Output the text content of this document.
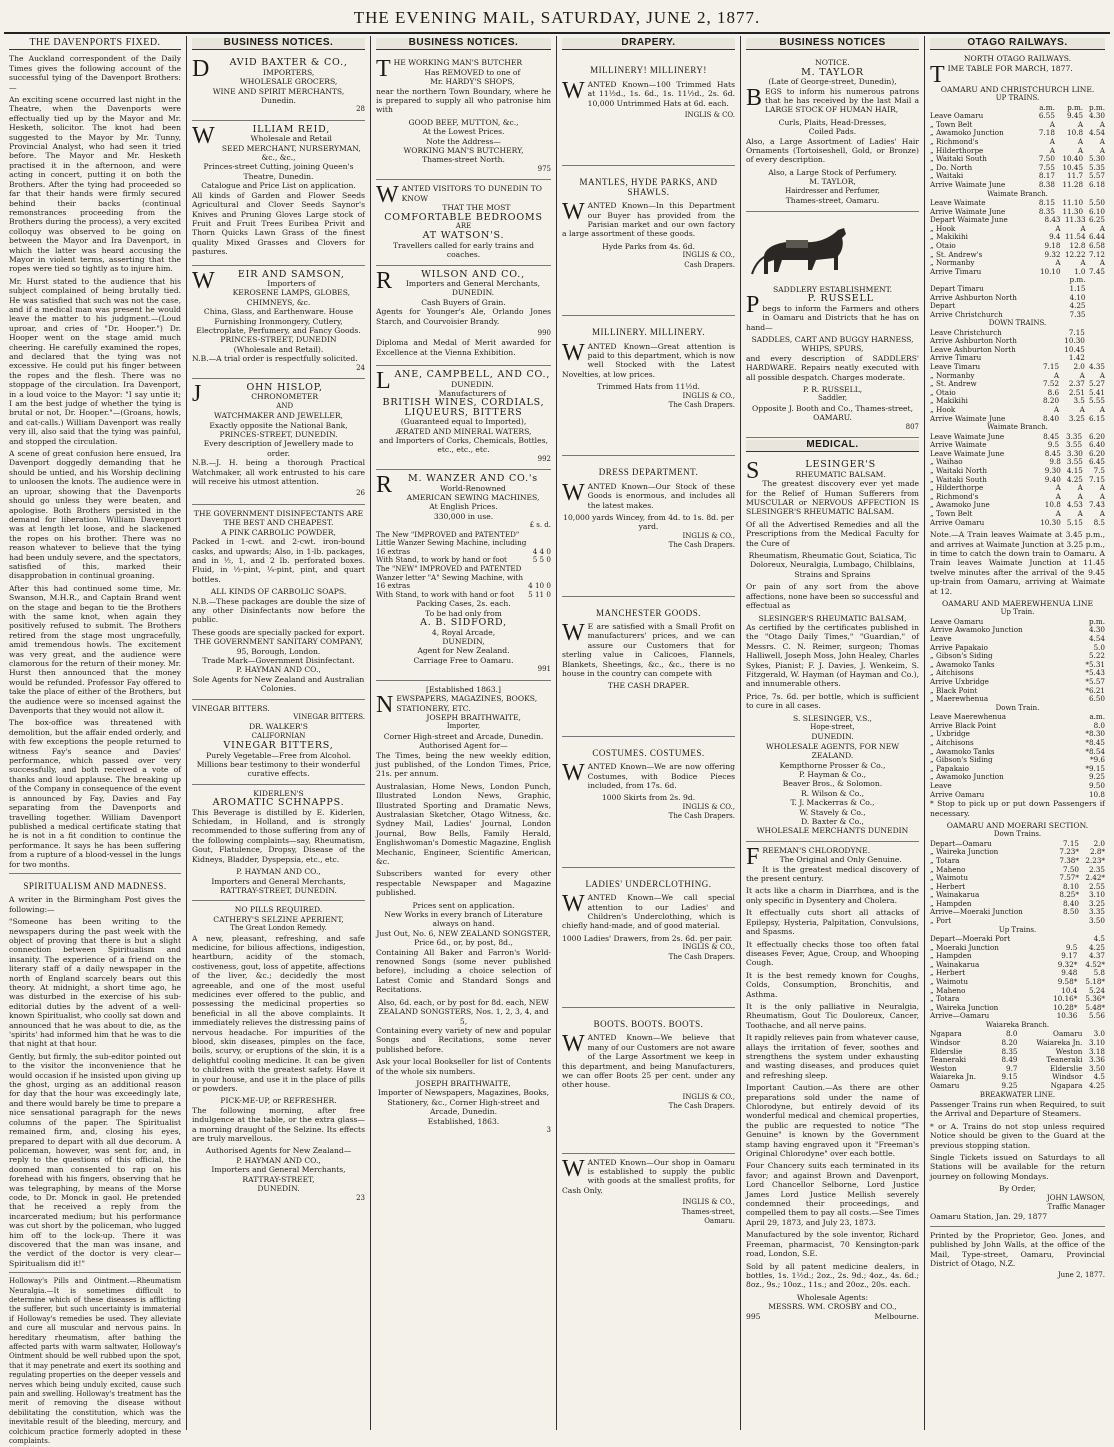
THE EVENING MAIL, SATURDAY, JUNE 2, 1877.
THE DAVENPORTS FIXED.

The Auckland correspondent of the Daily Times gives the following account of the successful tying of the Davenport Brothers:—

An exciting scene occurred last night in the Theatre, when the Davenports were effectually tied up by the Mayor and Mr. Hesketh, solicitor. The knot had been suggested to the Mayor by Mr. Tunny, Provincial Analyst, who had seen it tried before. The Mayor and Mr. Hesketh practised it in the afternoon, and were acting in concert, putting it on both the Brothers. After the tying had proceeded so far that their hands were firmly secured behind their backs (continual remonstrances proceeding from the Brothers during the process), a very excited colloquy was observed to be going on between the Mayor and Ira Davenport, in which the latter was heard accusing the Mayor in violent terms, asserting that the ropes were tied so tightly as to injure him.

Mr. Hurst stated to the audience that his subject complained of being brutally tied. He was satisfied that such was not the case, and if a medical man was present he would leave the matter to his judgment.—(Loud uproar, and cries of "Dr. Hooper.") Dr. Hooper went on the stage amid much cheering. He carefully examined the ropes, and declared that the tying was not excessive. He could put his finger between the ropes and the flesh. There was no stoppage of the circulation. Ira Davenport, in a loud voice to the Mayor: "I say untie it; I am the best judge of whether the tying is brutal or not, Dr. Hooper."—(Groans, howls, and cat-calls.) William Davenport was really very ill, also said that the tying was painful, and stopped the circulation.

A scene of great confusion here ensued, Ira Davenport doggedly demanding that he should be untied, and his Worship declining to unloosen the knots. The audience were in an uproar, showing that the Davenports should go unless they were beaten, and apologise. Both Brothers persisted in the demand for liberation. William Davenport was at length let loose, and he slackened the ropes on his brother. There was no reason whatever to believe that the tying had been unduly severe, and the spectators, satisfied of this, marked their disapprobation in continual groaning.

After this had continued some time, Mr. Swanson, M.H.R., and Captain Brand went on the stage and began to tie the Brothers with the same knot, when again they positively refused to submit. The Brothers retired from the stage most ungracefully, amid tremendous howls. The excitement was very great, and the audience were clamorous for the return of their money. Mr. Hurst then announced that the money would be refunded. Professor Fay offered to take the place of either of the Brothers, but the audience were so incensed against the Davenports that they would not allow it.

The box-office was threatened with demolition, but the affair ended orderly, and with few exceptions the people returned to witness Fay's seance and Davies' performance, which passed over very successfully, and both received a vote of thanks and loud applause. The breaking up of the Company in consequence of the event is announced by Fay, Davies and Fay separating from the Davenports and travelling together. William Davenport published a medical certificate stating that he is not in a fit condition to continue the performance. It says he has been suffering from a rupture of a blood-vessel in the lungs for two months.

SPIRITUALISM AND MADNESS.

A writer in the Birmingham Post gives the following:—

"Someone has been writing to the newspapers during the past week with the object of proving that there is but a slight connection between Spiritualism and insanity. The experience of a friend on the literary staff of a daily newspaper in the north of England scarcely bears out this theory. At midnight, a short time ago, he was disturbed in the exercise of his sub-editorial duties by the advent of a well-known Spiritualist, who coolly sat down and announced that he was about to die, as the 'spirits' had informed him that he was to die that night at that hour.

Gently, but firmly, the sub-editor pointed out to the visitor the inconvenience that he would occasion if he insisted upon giving up the ghost, urging as an additional reason for day that the hour was exceedingly late, and there would barely be time to prepare a nice sensational paragraph for the news columns of the paper. The Spiritualist remained firm, and, closing his eyes, prepared to depart with all due decorum. A policeman, however, was sent for, and, in reply to the questions of this official, the doomed man consented to rap on his forehead with his fingers, observing that he was telegraphing, by means of the Morse code, to Dr. Monck in gaol. He pretended that he received a reply from the incarcerated medium; but his performance was cut short by the policeman, who lugged him off to the lock-up. There it was discovered that the man was insane, and the verdict of the doctor is very clear—Spiritualism did it!"

Holloway's Pills and Ointment.—Rheumatism Neuralgia.—It is sometimes difficult to determine which of these diseases is afflicting the sufferer, but such uncertainty is immaterial if Holloway's remedies be used. They alleviate and cure all muscular and nervous pains. In hereditary rheumatism, after bathing the affected parts with warm saltwater, Holloway's Ointment should be well rubbed upon the spot, that it may penetrate and exert its soothing and regulating properties on the deeper vessels and nerves which being unduly excited, cause such pain and swelling. Holloway's treatment has the merit of removing the disease without debilitating the constitution, which was the inevitable result of the bleeding, mercury, and colchicum practice formerly adopted in these complaints.

BUSINESS NOTICES.
D	AVID BAXTER & CO.,
IMPORTERS,
WHOLESALE GROCERS,
WINE AND SPIRIT MERCHANTS,
Dunedin.
28
W	ILLIAM REID,
Wholesale and Retail
SEED MERCHANT, NURSERYMAN,
&c., &c.,
Princes-street Cutting, joining Queen's Theatre, Dunedin.
Catalogue and Price List on application.

All kinds of Garden and Flower Seeds Agricultural and Clover Seeds Saynor's Knives and Pruning Gloves Large stock of Fruit and Fruit Trees Euribea Privit and Thorn Quicks Lawn Grass of the finest quality Mixed Grasses and Clovers for pastures.

W	EIR AND SAMSON,
Importers of
KEROSENE LAMPS, GLOBES, CHIMNEYS, &c.
China, Glass, and Earthenware. House Furnishing Ironmongery, Cutlery, Electroplate, Perfumery, and Fancy Goods.
PRINCES-STREET, DUNEDIN
(Wholesale and Retail).
N.B.—A trial order is respectfully solicited.
24
J	OHN HISLOP,
CHRONOMETER
AND
WATCHMAKER AND JEWELLER,
Exactly opposite the National Bank,
PRINCES-STREET, DUNEDIN.
Every description of Jewellery made to order.

N.B.—J. H. being a thorough Practical Watchmaker, all work entrusted to his care will receive his utmost attention.

26
THE GOVERNMENT DISINFECTANTS ARE THE BEST AND CHEAPEST.
A PINK CARBOLIC POWDER,

Packed in 1-cwt. and 2-cwt. iron-bound casks, and upwards; Also, in 1-lb. packages, and in ½, 1, and 2 lb. perforated boxes. Fluid, in ½-pint, ¼-pint, pint, and quart bottles.

ALL KINDS OF CARBOLIC SOAPS.

N.B.—These packages are double the size of any other Disinfectants now before the public.

These goods are specially packed for export.
THE GOVERNMENT SANITARY COMPANY,
95, Borough, London.
Trade Mark—Government Disinfectant.
P. HAYMAN AND CO.,
Sole Agents for New Zealand and Australian Colonies.
VINEGAR BITTERS.
VINEGAR BITTERS.
DR. WALKER'S
CALIFORNIAN
VINEGAR BITTERS,
Purely Vegetable—Free from Alcohol.
Millions bear testimony to their wonderful curative effects.
KIDERLEN'S
AROMATIC SCHNAPPS.

This Beverage is distilled by E. Kiderlen, Schiedam, in Holland, and is strongly recommended to those suffering from any of the following complaints—say, Rheumatism, Gout, Flatulence, Dropsy, Disease of the Kidneys, Bladder, Dyspepsia, etc., etc.

P. HAYMAN AND CO.,
Importers and General Merchants, RATTRAY-STREET, DUNEDIN.
NO PILLS REQUIRED.
CATHERY'S SELZINE APERIENT,
The Great London Remedy.

A new, pleasant, refreshing, and safe medicine, for bilious affections, indigestion, heartburn, acidity of the stomach, costiveness, gout, loss of appetite, affections of the liver, &c.; decidedly the most agreeable, and one of the most useful medicines ever offered to the public, and possessing the medicinal properties so beneficial in all the above complaints. It immediately relieves the distressing pains of nervous headache. For impurities of the blood, skin diseases, pimples on the face, boils, scurvy, or eruptions of the skin, it is a delightful cooling medicine. It can be given to children with the greatest safety. Have it in your house, and use it in the place of pills or powders.

PICK-ME-UP, or REFRESHER.

The following morning, after free indulgence at the table, or the extra glass—a morning draught of the Selzine. Its effects are truly marvellous.

Authorised Agents for New Zealand—
P. HAYMAN AND CO.,
Importers and General Merchants,
RATTRAY-STREET,
DUNEDIN.
23
BUSINESS NOTICES.
T HE WORKING MAN'S BUTCHER
Has REMOVED to one of
Mr. HARDY'S SHOPS,

near the northern Town Boundary, where he is prepared to supply all who patronise him with

GOOD BEEF, MUTTON, &c.,
At the Lowest Prices.
Note the Address—
WORKING MAN'S BUTCHERY,
Thames-street North.
975
W ANTED VISITORS TO DUNEDIN TO KNOW
THAT THE MOST
COMFORTABLE BEDROOMS
ARE
AT WATSON'S.
Travellers called for early trains and coaches.
R	WILSON AND CO.,
Importers and General Merchants,
DUNEDIN.
Cash Buyers of Grain.

Agents for Younger's Ale, Orlando Jones Starch, and Courvoisier Brandy.

990

Diploma and Medal of Merit awarded for Excellence at the Vienna Exhibition.

L ANE, CAMPBELL, AND CO.,
DUNEDIN.
Manufacturers of
BRITISH WINES, CORDIALS, LIQUEURS, BITTERS
(Guaranteed equal to Imported),
ÆRATED AND MINERAL WATERS,
and Importers of Corks, Chemicals, Bottles, etc., etc., etc.
992
R	M. WANZER AND CO.'s
World-Renowned
AMERICAN SEWING MACHINES,
At English Prices.
330,000 in use.
£ s. d.
The New "IMPROVED and PATENTED" Little Wanzer Sewing Machine, including 16 extras	4 4 0
With Stand, to work by hand or foot	5 5 0
The "NEW" IMPROVED and PATENTED Wanzer letter "A" Sewing Machine, with 16 extras	4 10 0
With Stand, to work with hand or foot	5 11 0
Packing Cases, 2s. each.
To be had only from
A. B. SIDFORD,
4, Royal Arcade,
DUNEDIN,
Agent for New Zealand.
Carriage Free to Oamaru.
991
[Established 1863.]
N EWSPAPERS, MAGAZINES, BOOKS, STATIONERY, ETC.
JOSEPH BRAITHWAITE,
Importer,
Corner High-street and Arcade, Dunedin.
Authorised Agent for—

The Times, being the new weekly edition, just published, of the London Times, Price, 21s. per annum.

Australasian, Home News, London Punch, Illustrated London News, Graphic, Illustrated Sporting and Dramatic News, Australasian Sketcher, Otago Witness, &c. Sydney Mail, Ladies' Journal, London Journal, Bow Bells, Family Herald, Englishwoman's Domestic Magazine, English Mechanic, Engineer, Scientific American, &c.

Subscribers wanted for every other respectable Newspaper and Magazine published.

Prices sent on application.
New Works in every branch of Literature always on hand.
Just Out, No. 6, NEW ZEALAND SONGSTER, Price 6d., or, by post, 8d.,

Containing All Baker and Farron's World-renowned Songs (some never published before), including a choice selection of Latest Comic and Standard Songs and Recitations.

Also, 6d. each, or by post for 8d. each, NEW ZEALAND SONGSTERS, Nos. 1, 2, 3, 4, and 5,

Containing every variety of new and popular Songs and Recitations, some never published before.

Ask your local Bookseller for list of Contents of the whole six numbers.

JOSEPH BRAITHWAITE,
Importer of Newspapers, Magazines, Books, Stationery, &c., Corner High-street and Arcade, Dunedin.
Established, 1863.
3
DRAPERY.
MILLINERY! MILLINERY!
W ANTED Known—100 Trimmed Hats at 11½d., 1s. 6d., 1s. 11½d., 2s. 6d. 10,000 Untrimmed Hats at 6d. each.

INGLIS & CO.
MANTLES, HYDE PARKS, AND SHAWLS.
W ANTED Known—In this Department our Buyer has provided from the Parisian market and our own factory a large assortment of these goods.

Hyde Parks from 4s. 6d.
INGLIS & CO.,
Cash Drapers.
MILLINERY. MILLINERY.
W ANTED Known—Great attention is paid to this department, which is now well Stocked with the Latest Novelties, at low prices.

Trimmed Hats from 11½d.
INGLIS & CO.,
The Cash Drapers.
DRESS DEPARTMENT.
W ANTED Known—Our Stock of these Goods is enormous, and includes all the latest makes.

10,000 yards Wincey, from 4d. to 1s. 8d. per yard.
INGLIS & CO.,
The Cash Drapers.
MANCHESTER GOODS.
W E are satisfied with a Small Profit on manufacturers' prices, and we can assure our Customers that for sterling value in Calicoes, Flannels, Blankets, Sheetings, &c., &c., there is no house in the country can compete with

THE CASH DRAPER.
COSTUMES. COSTUMES.
W ANTED Known—We are now offering Costumes, with Bodice Pieces included, from 17s. 6d.

1000 Skirts from 2s. 9d.
INGLIS & CO.,
The Cash Drapers.
LADIES' UNDERCLOTHING.
W ANTED Known—We call special attention to our Ladies' and Children's Underclothing, which is chiefly hand-made, and of good material.

1000 Ladies' Drawers, from 2s. 6d. per pair.
INGLIS & CO.,
The Cash Drapers.
BOOTS. BOOTS. BOOTS.
W ANTED Known—We believe that many of our Customers are not aware of the Large Assortment we keep in this department, and being Manufacturers, we can offer Boots 25 per cent. under any other house.

INGLIS & CO.,
The Cash Drapers.
W ANTED Known—Our shop in Oamaru is established to supply the public with goods at the smallest profits, for Cash Only.

INGLIS & CO.,
Thames-street,
Oamaru.
BUSINESS NOTICES
NOTICE.
M. TAYLOR
(Late of George-street, Dunedin),
B EGS to inform his numerous patrons that he has received by the last Mail a LARGE STOCK OF HUMAN HAIR,

Curls, Plaits, Head-Dresses,
Coiled Pads.

Also, a Large Assortment of Ladies' Hair Ornaments (Tortoiseshell, Gold, or Bronze) of every description.

Also, a Large Stock of Perfumery.
M. TAYLOR,
Hairdresser and Perfumer,
Thames-street, Oamaru.
SADDLERY ESTABLISHMENT.
P	P. RUSSELL

begs to inform the Farmers and others in Oamaru and Districts that he has on hand—

SADDLES, CART AND BUGGY HARNESS, WHIPS, SPURS,

and every description of SADDLERS' HARDWARE. Repairs neatly executed with all possible despatch. Charges moderate.

P. R. RUSSELL,
Saddler,
Opposite J. Booth and Co., Thames-street, OAMARU.
807
MEDICAL.
S	LESINGER'S
RHEUMATIC BALSAM.

The greatest discovery ever yet made for the Relief of Human Sufferers from MUSCULAR or NERVOUS AFFECTION IS SLESINGER'S RHEUMATIC BALSAM.

Of all the Advertised Remedies and all the Prescriptions from the Medical Faculty for the Cure of

Rheumatism, Rheumatic Gout, Sciatica, Tic Doloreux, Neuralgia, Lumbago, Chilblains, Strains and Sprains

Or pain of any sort from the above affections, none have been so successful and effectual as

SLESINGER'S RHEUMATIC BALSAM,

As certified by the certificates published in the "Otago Daily Times," "Guardian," of Messrs. C. N. Reimer, surgeon; Thomas Halliwell, Joseph Moss, John Healey, Charles Sykes, Pianist; F. J. Davies, J. Wenkeim, S. Fitzgerald, W. Hayman (of Hayman and Co.), and innumerable others.

Price, 7s. 6d. per bottle, which is sufficient to cure in all cases.

S. SLESINGER, V.S.,
Hope-street,
DUNEDIN.
WHOLESALE AGENTS, FOR NEW ZEALAND.
Kempthorne Prosser & Co.,
P. Hayman & Co.,
Beaver Bros., & Solomon.
R. Wilson & Co.,
T. J. Mackerras & Co.,
W. Stavely & Co.,
D. Baxter & Co.,
WHOLESALE MERCHANTS DUNEDIN
F REEMAN'S CHLORODYNE.
The Original and Only Genuine.

It is the greatest medical discovery of the present century.

It acts like a charm in Diarrhœa, and is the only specific in Dysentery and Cholera.

It effectually cuts short all attacks of Epilepsy, Hysteria, Palpitation, Convulsions, and Spasms.

It effectually checks those too often fatal diseases Fever, Ague, Croup, and Whooping Cough.

It is the best remedy known for Coughs, Colds, Consumption, Bronchitis, and Asthma.

It is the only palliative in Neuralgia, Rheumatism, Gout Tic Douloreux, Cancer, Toothache, and all nerve pains.

It rapidly relieves pain from whatever cause, allays the irritation of fever, soothes and strengthens the system under exhausting and wasting diseases, and produces quiet and refreshing sleep.

Important Caution.—As there are other preparations sold under the name of Chlorodyne, but entirely devoid of its wonderful medical and chemical properties, the public are requested to notice "The Genuine" is known by the Government stamp having engraved upon it "Freeman's Original Chlorodyne" over each bottle.

Four Chancery suits each terminated in its favor; and against Brown and Davenport, Lord Chancellor Selborne, Lord Justice James Lord Justice Mellish severely condemned their proceedings, and compelled them to pay all costs.—See Times April 29, 1873, and July 23, 1873.

Manufactured by the sole inventor, Richard Freeman, pharmacist, 70 Kensington-park road, London, S.E.

Sold by all patent medicine dealers, in bottles, 1s. 1½d.; 2oz., 2s. 9d.; 4oz., 4s. 6d.; 8oz., 9s.; 10oz., 11s.; and 20oz., 20s. each.

Wholesale Agents:
MESSRS. WM. CROSBY and CO.,
995	Melbourne.
OTAGO RAILWAYS.
NORTH OTAGO RAILWAYS.
T IME TABLE FOR MARCH, 1877.
OAMARU AND CHRISTCHURCH LINE.
UP TRAINS.
	a.m.	p.m.	p.m.
Leave Oamaru	6.55	9.45	4.30
„ Town Belt	A	A	A
„ Awamoko Junction	7.18	10.8	4.54
„ Richmond's	A	A	A
„ Hilderthorpe	A	A	A
„ Waitaki South	7.50	10.40	5.30
„ Do. North	7.55	10.45	5.35
„ Waitaki	8.17	11.7	5.57
Arrive Waimate June	8.38	11.28	6.18
Waimate Branch.
Leave Waimate	8.15	11.10	5.50
Arrive Waimate June	8.35	11.30	6.10
Depart Waimate June	8.43	11.33	6.25
„ Hook	A	A	A
„ Makikihi	9.4	11.54	6.44
„ Otaio	9.18	12.8	6.58
„ St. Andrew's	9.32	12.22	7.12
„ Normanby	A	A	A
Arrive Timaru	10.10	1.0	7.45
		p.m.	
Depart Timaru		1.15	
Arrive Ashburton North		4.10	
Depart		4.25	
Arrive Christchurch		7.35	
DOWN TRAINS.
Leave Christchurch		7.15	
Arrive Ashburton North		10.30	
Leave Ashburton North		10.45	
Arrive Timaru		1.42	
Leave Timaru	7.15	2.0	4.35
„ Normanby	A	A	A
„ St. Andrew	7.52	2.37	5.27
„ Otaio	8.6	2.51	5.41
„ Makikihi	8.20	3.5	5.55
„ Hook	A	A	A
Arrive Waimate June	8.40	3.25	6.15
Waimate Branch.
Leave Waimate June	8.45	3.35	6.20
Arrive Waimate	9.5	3.55	6.40
Leave Waimate June	8.45	3.30	6.20
„ Waihao	9.8	3.55	6.45
„ Waitaki North	9.30	4.15	7.5
„ Waitaki South	9.40	4.25	7.15
„ Hilderthorpe	A	A	A
„ Richmond's	A	A	A
„ Awamoko June	10.8	4.53	7.43
„ Town Belt	A	A	A
Arrive Oamaru	10.30	5.15	8.5

Note.—A Train leaves Waimate at 3.45 p.m., and arrives at Waimate Junction at 3.25 p.m., in time to catch the down train to Oamaru. A Train leaves Waimate Junction at 11.45 twelve minutes after the arrival of the 9.45 up-train from Oamaru, arriving at Waimate at 12.

OAMARU AND MAEREWHENUA LINE
Up Train.
Leave Oamaru	p.m.
Arrive Awamoko Junction	4.30
Leave	4.54
Arrive Papakaio	5.0
„ Gibson's Siding	5.22
„ Awamoko Tanks	*5.31
„ Aitchisons	*5.43
Arrive Uxbridge	*5.57
„ Black Point	*6.21
„ Maerewhenua	6.50
Down Train.
Leave Maerewhenua	a.m.
Arrive Black Point	8.0
„ Uxbridge	*8.30
„ Aitchisons	*8.45
„ Awamoko Tanks	*8.54
„ Gibson's Siding	*9.6
„ Papakaio	*9.15
„ Awamoko Junction	9.25
Leave	9.50
Arrive Oamaru	10.8

* Stop to pick up or put down Passengers if necessary.

OAMARU AND MOERARI SECTION.
Down Trains.
Depart—Oamaru	7.15	2.0
„ Waireka Junction	7.23*	2.8*
„ Totara	7.38*	2.23*
„ Maheno	7.50	2.35
„ Waimotu	7.57*	2.42*
„ Herbert	8.10	2.55
„ Wainakarua	8.25*	3.10
„ Hampden	8.40	3.25
Arrive—Moeraki Junction	8.50	3.35
„ Port		3.50
Up Trains.
Depart—Moeraki Port		4.5
„ Moeraki Junction	9.5	4.25
„ Hampden	9.17	4.37
„ Wainakarua	9.32*	4.52*
„ Herbert	9.48	5.8
„ Waimotu	9.58*	5.18*
„ Maheno	10.4	5.24
„ Totara	10.16*	5.36*
„ Waireka Junction	10.28*	5.48*
Arrive—Oamaru	10.36	5.56
Waiareka Branch.
Ngapara	8.0	Oamaru	3.0
Windsor	8.20	Waiareka Jn.	3.10
Elderslie	8.35	Weston	3.18
Teaneraki	8.49	Teaneraki	3.36
Weston	9.7	Elderslie	3.50
Waiareka Jn.	9.15	Windsor	4.5
Oamaru	9.25	Ngapara	4.25
BREAKWATER LINE.

Passenger Trains run when Required, to suit the Arrival and Departure of Steamers.

* or A. Trains do not stop unless required Notice should be given to the Guard at the previous stopping station.

Single Tickets issued on Saturdays to all Stations will be available for the return journey on following Mondays.

By Order,
JOHN LAWSON,
Traffic Manager
Oamaru Station, Jan. 29, 1877

Printed by the Proprietor, Geo. Jones, and published by John Walls, at the office of the Mail, Type-street, Oamaru, Provincial District of Otago, N.Z.

June 2, 1877.
